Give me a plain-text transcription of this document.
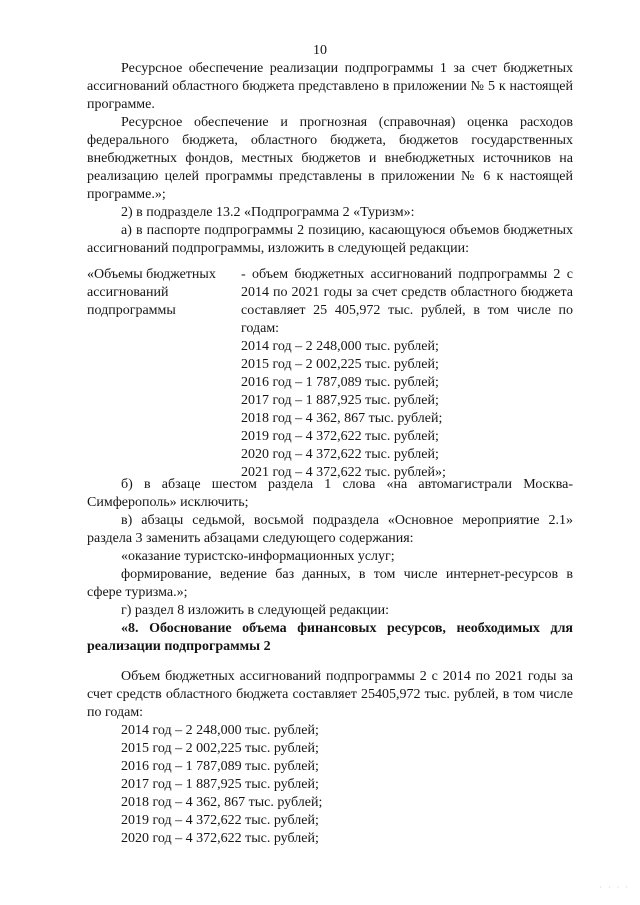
10
Ресурсное обеспечение реализации подпрограммы 1 за счет бюджетных ассигнований областного бюджета представлено в приложении № 5 к настоящей программе.
Ресурсное обеспечение и прогнозная (справочная) оценка расходов федерального бюджета, областного бюджета, бюджетов государственных внебюджетных фондов, местных бюджетов и внебюджетных источников на реализацию целей программы представлены в приложении № 6 к настоящей программе.»;
2) в подразделе 13.2 «Подпрограмма 2 «Туризм»:
а) в паспорте подпрограммы 2 позицию, касающуюся объемов бюджетных ассигнований подпрограммы, изложить в следующей редакции:
«Объемы бюджетных ассигнований подпрограммы
- объем бюджетных ассигнований подпрограммы 2 с 2014 по 2021 годы за счет средств областного бюджета составляет 25 405,972 тыс. рублей, в том числе по годам:
2014 год – 2 248,000 тыс. рублей;
2015 год – 2 002,225 тыс. рублей;
2016 год – 1 787,089 тыс. рублей;
2017 год – 1 887,925 тыс. рублей;
2018 год – 4 362, 867 тыс. рублей;
2019 год – 4 372,622 тыс. рублей;
2020 год – 4 372,622 тыс. рублей;
2021 год – 4 372,622 тыс. рублей»;
б) в абзаце шестом раздела 1 слова «на автомагистрали Москва-Симферополь» исключить;
в) абзацы седьмой, восьмой подраздела «Основное мероприятие 2.1» раздела 3 заменить абзацами следующего содержания:
«оказание туристско-информационных услуг;
формирование, ведение баз данных, в том числе интернет-ресурсов в сфере туризма.»;
г) раздел 8 изложить в следующей редакции:
«8. Обоснование объема финансовых ресурсов, необходимых для реализации подпрограммы 2
Объем бюджетных ассигнований подпрограммы 2 с 2014 по 2021 годы за счет средств областного бюджета составляет 25405,972 тыс. рублей, в том числе по годам:
2014 год – 2 248,000 тыс. рублей;
2015 год – 2 002,225 тыс. рублей;
2016 год – 1 787,089 тыс. рублей;
2017 год – 1 887,925 тыс. рублей;
2018 год – 4 362, 867 тыс. рублей;
2019 год – 4 372,622 тыс. рублей;
2020 год – 4 372,622 тыс. рублей;
· · · ·
